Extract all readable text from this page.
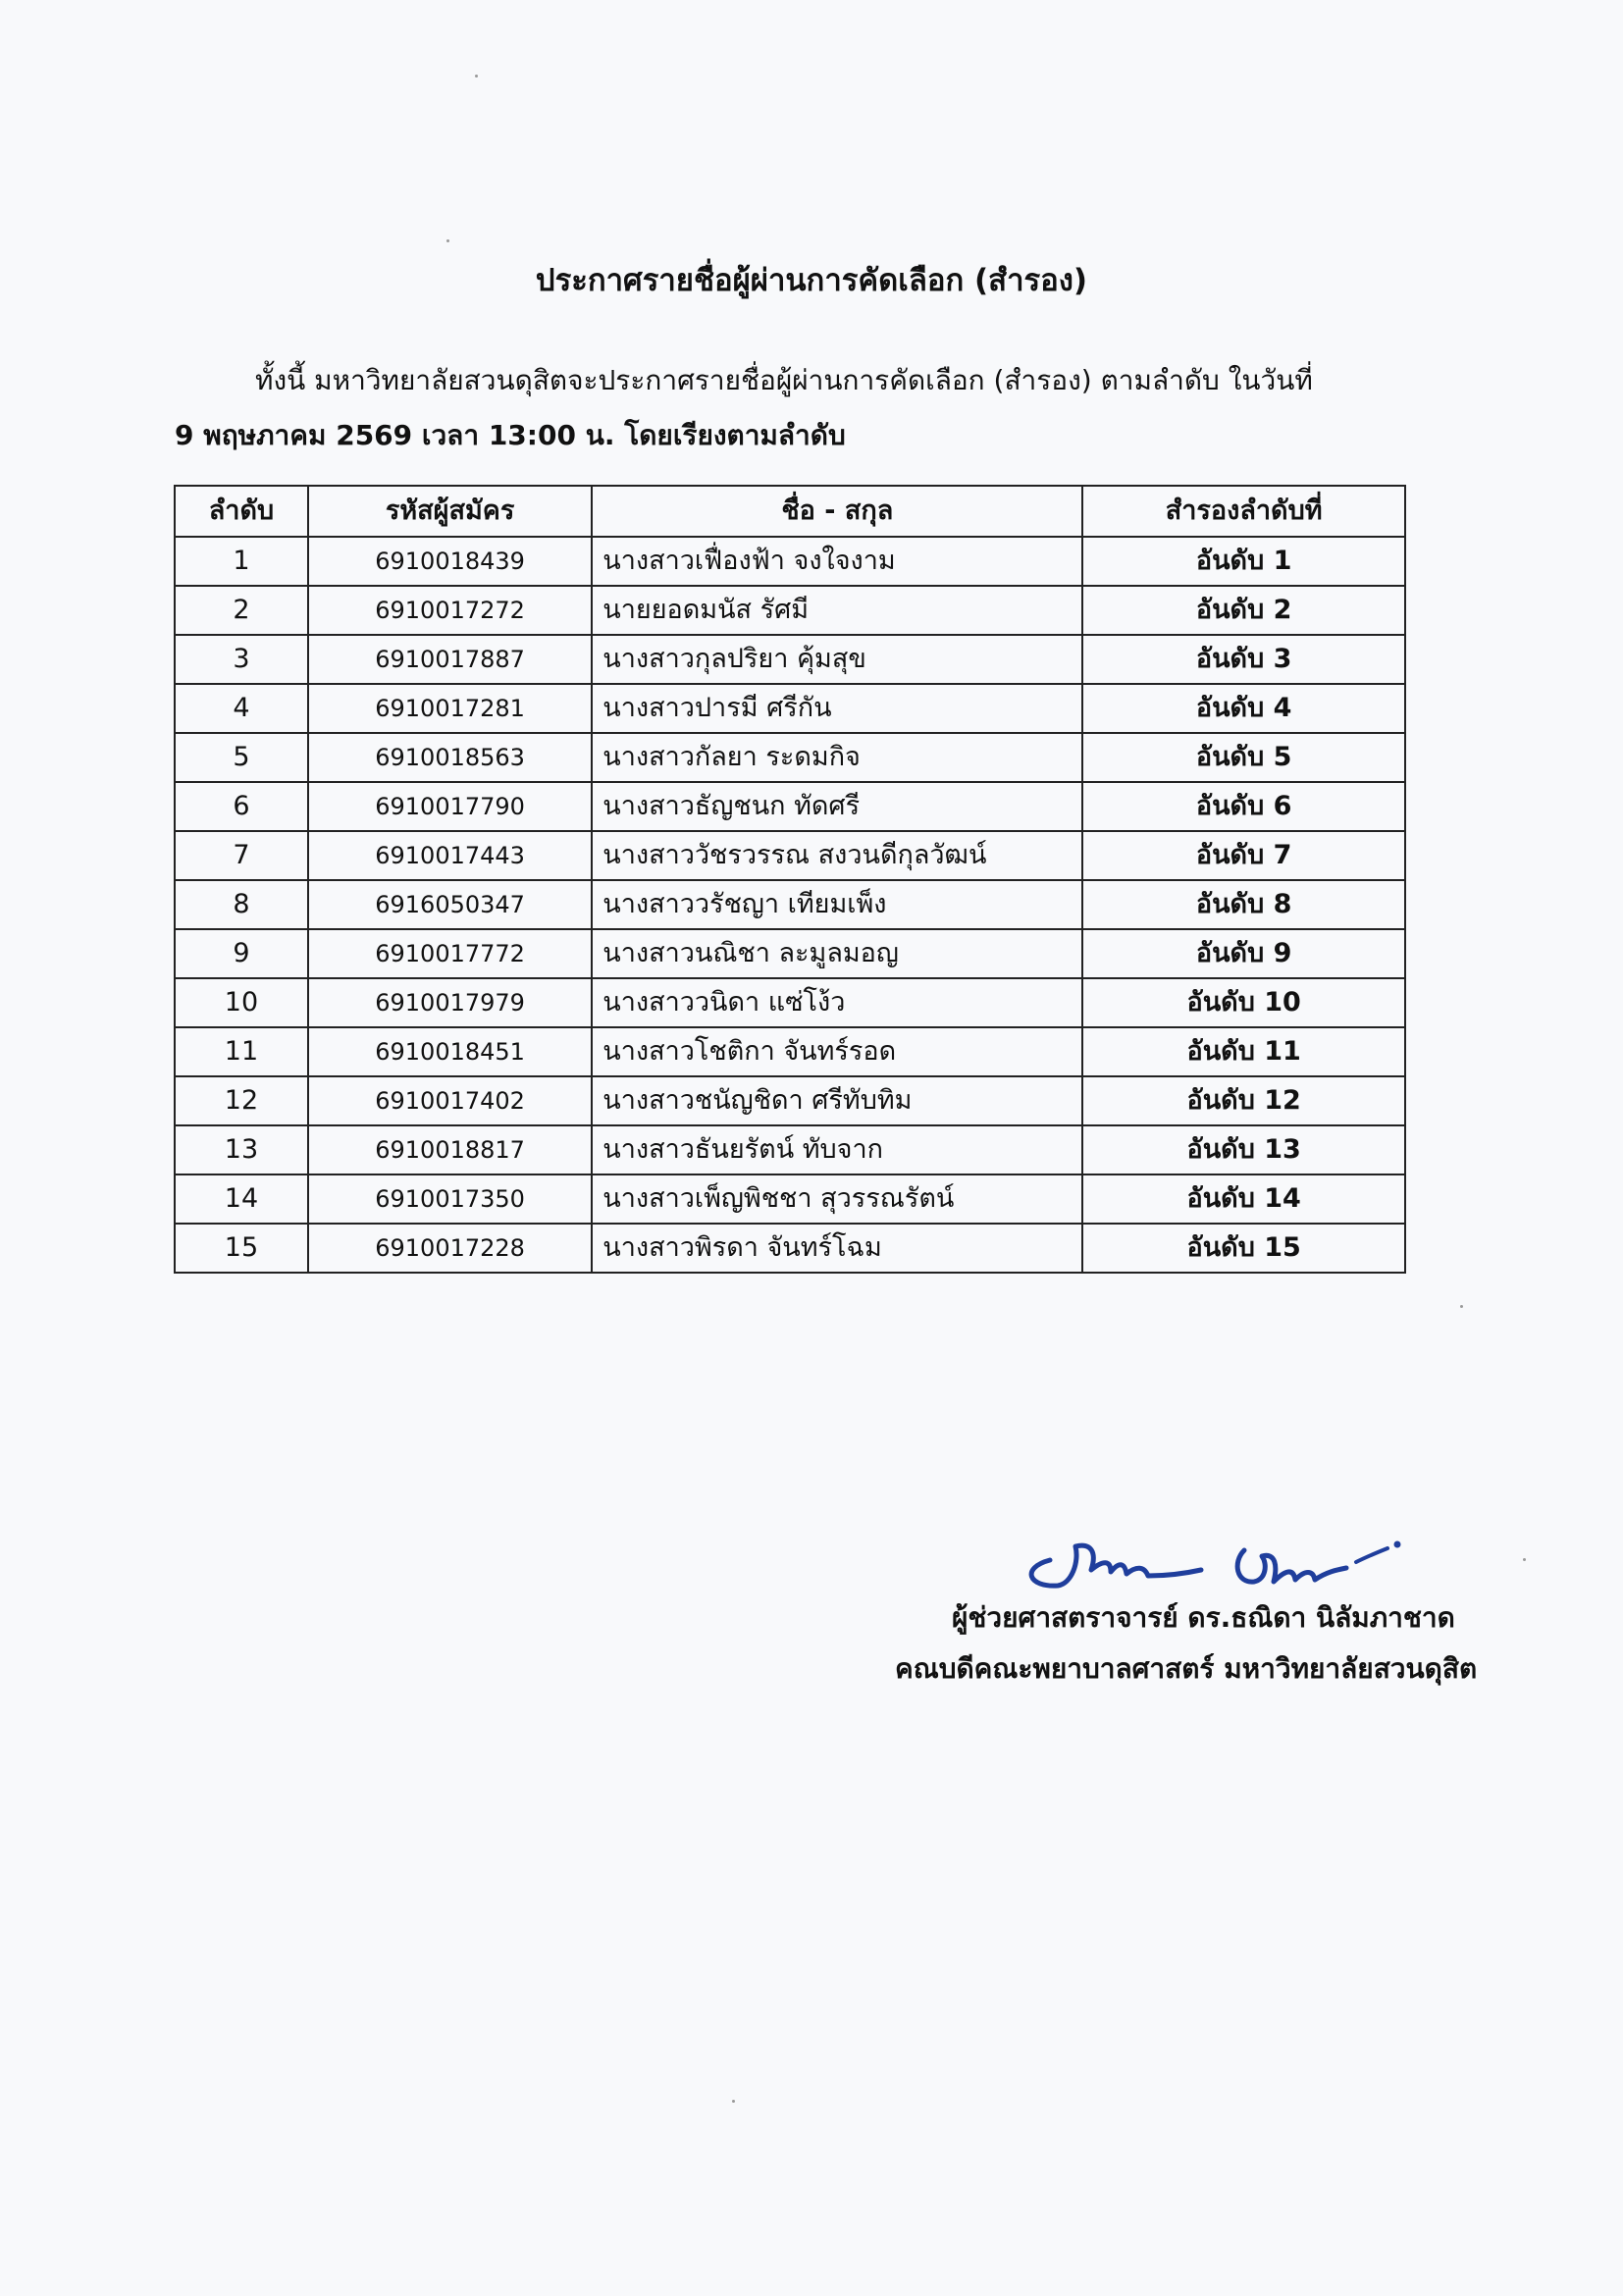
ประกาศรายชื่อผู้ผ่านการคัดเลือก (สำรอง)

ทั้งนี้ มหาวิทยาลัยสวนดุสิตจะประกาศรายชื่อผู้ผ่านการคัดเลือก (สำรอง) ตามลำดับ ในวันที่
9 พฤษภาคม 2569 เวลา 13:00 น. โดยเรียงตามลำดับ

ลำดับ	รหัสผู้สมัคร	ชื่อ - สกุล	สำรองลำดับที่
1	6910018439	นางสาวเฟื่องฟ้า จงใจงาม	อันดับ 1
2	6910017272	นายยอดมนัส รัศมี	อันดับ 2
3	6910017887	นางสาวกุลปริยา คุ้มสุข	อันดับ 3
4	6910017281	นางสาวปารมี ศรีกัน	อันดับ 4
5	6910018563	นางสาวกัลยา ระดมกิจ	อันดับ 5
6	6910017790	นางสาวธัญชนก ทัดศรี	อันดับ 6
7	6910017443	นางสาววัชรวรรณ สงวนดีกุลวัฒน์	อันดับ 7
8	6916050347	นางสาววรัชญา เทียมเพ็ง	อันดับ 8
9	6910017772	นางสาวนณิชา ละมูลมอญ	อันดับ 9
10	6910017979	นางสาววนิดา แซ่โง้ว	อันดับ 10
11	6910018451	นางสาวโชติกา จันทร์รอด	อันดับ 11
12	6910017402	นางสาวชนัญชิดา ศรีทับทิม	อันดับ 12
13	6910018817	นางสาวธันยรัตน์ ทับจาก	อันดับ 13
14	6910017350	นางสาวเพ็ญพิชชา สุวรรณรัตน์	อันดับ 14
15	6910017228	นางสาวพิรดา จันทร์โฉม	อันดับ 15

ผู้ช่วยศาสตราจารย์ ดร.ธณิดา นิลัมภาชาด

คณบดีคณะพยาบาลศาสตร์ มหาวิทยาลัยสวนดุสิต
